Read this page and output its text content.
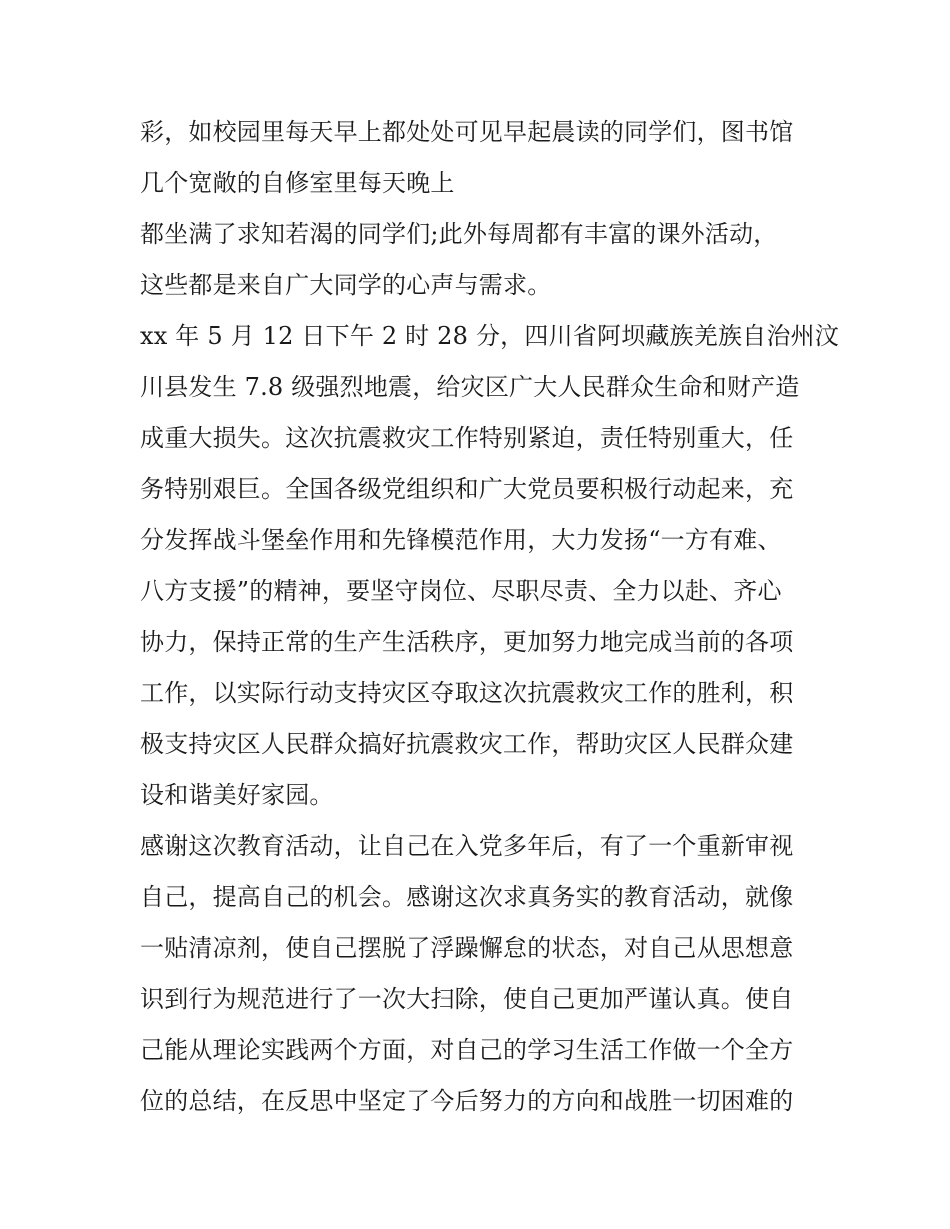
彩，如校园里每天早上都处处可见早起晨读的同学们，图书馆
几个宽敞的自修室里每天晚上
都坐满了求知若渴的同学们;此外每周都有丰富的课外活动，
这些都是来自广大同学的心声与需求。
xx 年 5 月 12 日下午 2 时 28 分，四川省阿坝藏族羌族自治州汶
川县发生 7.8 级强烈地震，给灾区广大人民群众生命和财产造
成重大损失。这次抗震救灾工作特别紧迫，责任特别重大，任
务特别艰巨。全国各级党组织和广大党员要积极行动起来，充
分发挥战斗堡垒作用和先锋模范作用，大力发扬“一方有难、
八方支援”的精神，要坚守岗位、尽职尽责、全力以赴、齐心
协力，保持正常的生产生活秩序，更加努力地完成当前的各项
工作，以实际行动支持灾区夺取这次抗震救灾工作的胜利，积
极支持灾区人民群众搞好抗震救灾工作，帮助灾区人民群众建
设和谐美好家园。
感谢这次教育活动，让自己在入党多年后，有了一个重新审视
自己，提高自己的机会。感谢这次求真务实的教育活动，就像
一贴清凉剂，使自己摆脱了浮躁懈怠的状态，对自己从思想意
识到行为规范进行了一次大扫除，使自己更加严谨认真。使自
己能从理论实践两个方面，对自己的学习生活工作做一个全方
位的总结，在反思中坚定了今后努力的方向和战胜一切困难的
